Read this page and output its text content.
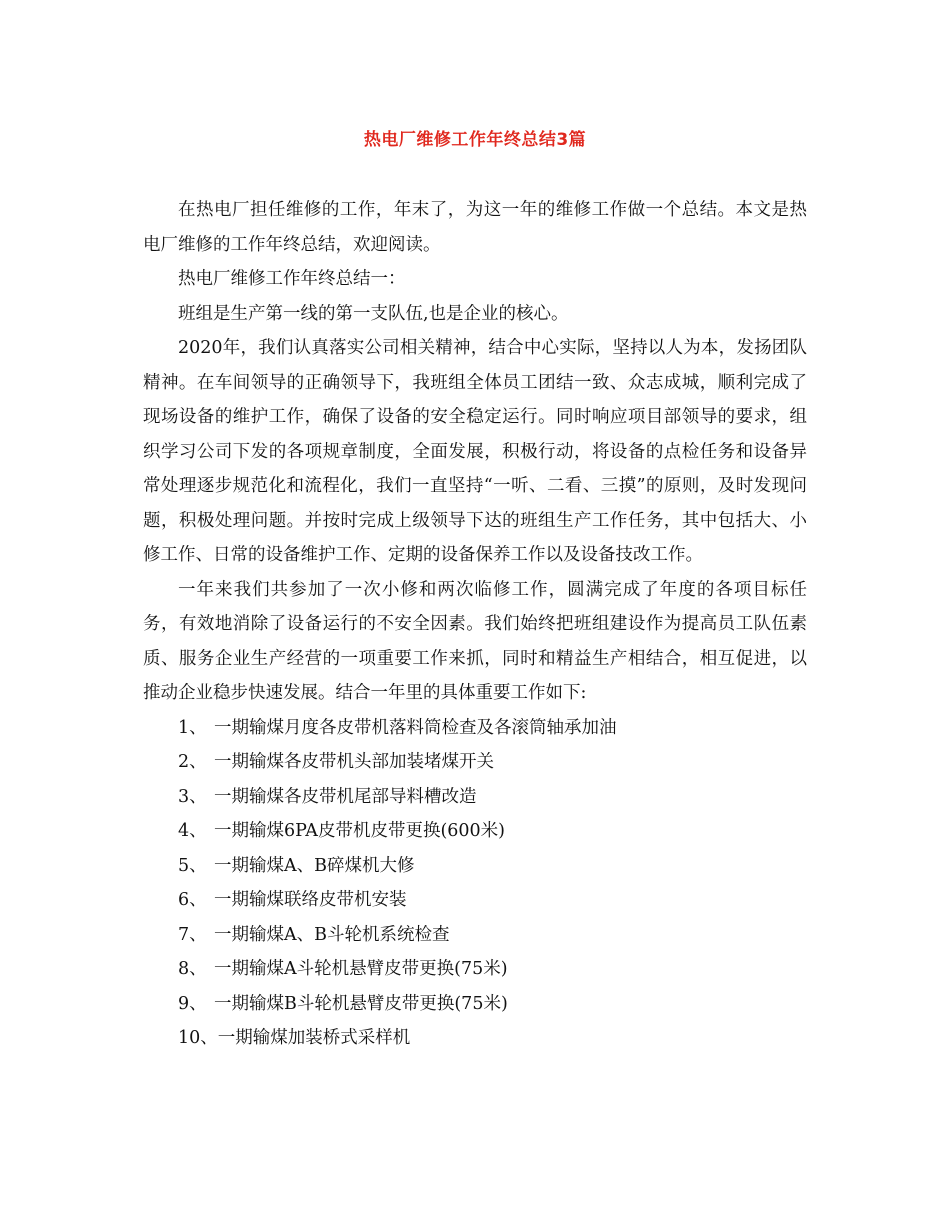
热电厂维修工作年终总结3篇

在热电厂担任维修的工作，年末了，为这一年的维修工作做一个总结。本文是热电厂维修的工作年终总结，欢迎阅读。

热电厂维修工作年终总结一：

班组是生产第一线的第一支队伍,也是企业的核心。

2020年，我们认真落实公司相关精神，结合中心实际，坚持以人为本，发扬团队精神。在车间领导的正确领导下，我班组全体员工团结一致、众志成城，顺利完成了现场设备的维护工作，确保了设备的安全稳定运行。同时响应项目部领导的要求，组织学习公司下发的各项规章制度，全面发展，积极行动，将设备的点检任务和设备异常处理逐步规范化和流程化，我们一直坚持“一听、二看、三摸”的原则，及时发现问题，积极处理问题。并按时完成上级领导下达的班组生产工作任务，其中包括大、小修工作、日常的设备维护工作、定期的设备保养工作以及设备技改工作。

一年来我们共参加了一次小修和两次临修工作，圆满完成了年度的各项目标任务，有效地消除了设备运行的不安全因素。我们始终把班组建设作为提高员工队伍素质、服务企业生产经营的一项重要工作来抓，同时和精益生产相结合，相互促进，以推动企业稳步快速发展。结合一年里的具体重要工作如下:

1、 一期输煤月度各皮带机落料筒检查及各滚筒轴承加油
2、 一期输煤各皮带机头部加装堵煤开关
3、 一期输煤各皮带机尾部导料槽改造
4、 一期输煤6PA皮带机皮带更换(600米)
5、 一期输煤A、B碎煤机大修
6、 一期输煤联络皮带机安装
7、 一期输煤A、B斗轮机系统检查
8、 一期输煤A斗轮机悬臂皮带更换(75米)
9、 一期输煤B斗轮机悬臂皮带更换(75米)
10、一期输煤加装桥式采样机
